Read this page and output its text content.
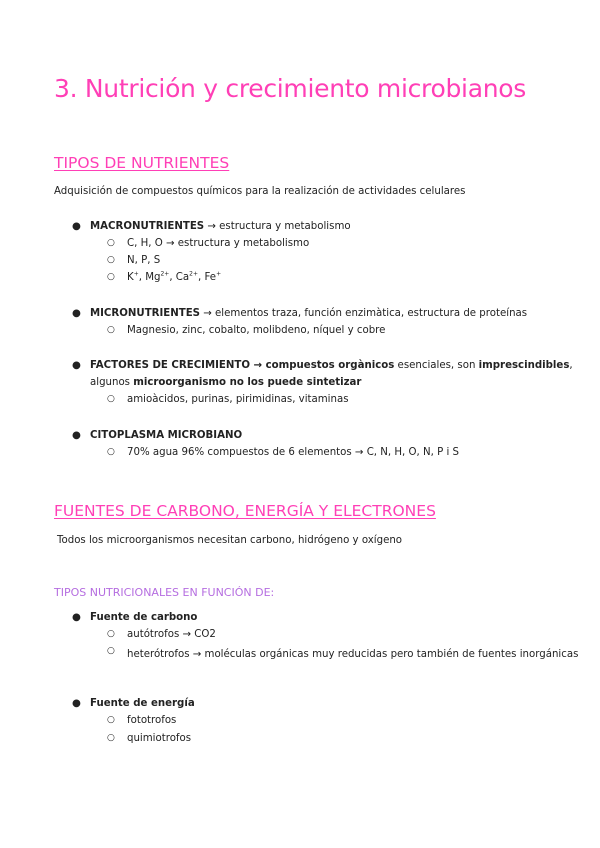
3. Nutrición y crecimiento microbianos
TIPOS DE NUTRIENTES
Adquisición de compuestos químicos para la realización de actividades celulares
● MACRONUTRIENTES → estructura y metabolismo
○ C, H, O → estructura y metabolismo
○ N, P, S
○ K+, $Mg^{2+}$, $Ca^{2+}$, Fe+
● MICRONUTRIENTES → elementos traza, función enzimàtica, estructura de proteínas
○ Magnesio, zinc, cobalto, molibdeno, níquel y cobre
● FACTORES DE CRECIMIENTO → compuestos orgànicos esenciales, son imprescindibles,
algunos microorganismo no los puede sintetizar
○ amioàcidos, purinas, pirimidinas, vitaminas
● CITOPLASMA MICROBIANO
○ 70% agua 96% compuestos de 6 elementos → C, N, H, O, N, P i S
FUENTES DE CARBONO, ENERGÍA Y ELECTRONES
Todos los microorganismos necesitan carbono, hidrógeno y oxígeno
TIPOS NUTRICIONALES EN FUNCIÓN DE:
● Fuente de carbono
○ autótrofos → CO2
○ heterótrofos → moléculas orgánicas muy reducidas pero también de fuentes inorgánicas
● Fuente de energía
○ fototrofos
○ quimiotrofos
